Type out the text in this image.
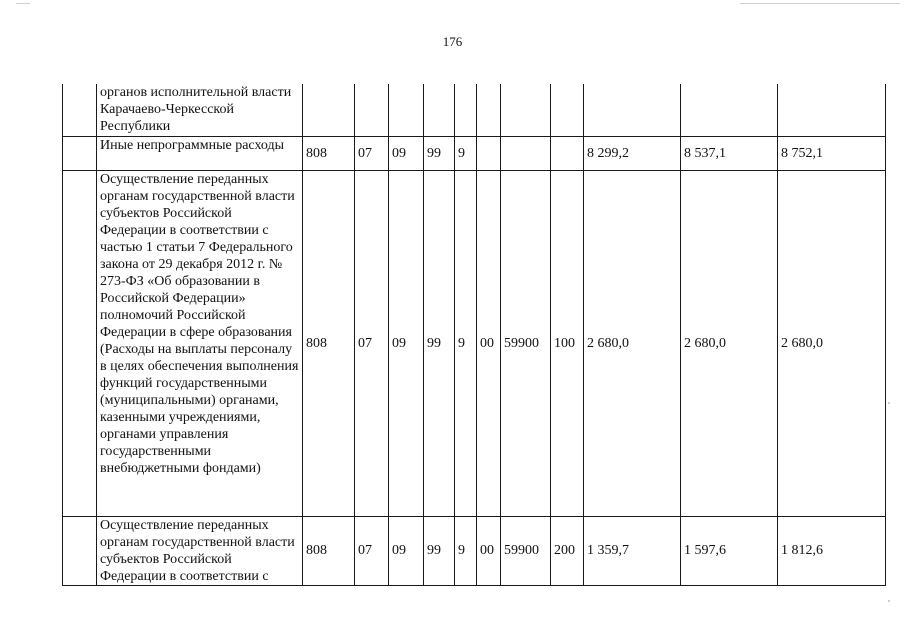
176
	органов исполнительной власти Карачаево-Черкесской Республики											
	Иные непрограммные расходы	808	07	09	99	9				8 299,2	8 537,1	8 752,1
	Осуществление переданных органам государственной власти субъектов Российской Федерации в соответствии с частью 1 статьи 7 Федерального закона от 29 декабря 2012 г. № 273-ФЗ «Об образовании в Российской Федерации» полномочий Российской Федерации в сфере образования (Расходы на выплаты персоналу в целях обеспечения выполнения функций государственными (муниципальными) органами, казенными учреждениями, органами управления государственными внебюджетными фондами)	808	07	09	99	9	00	59900	100	2 680,0	2 680,0	2 680,0
	Осуществление переданных органам государственной власти субъектов Российской Федерации в соответствии с	808	07	09	99	9	00	59900	200	1 359,7	1 597,6	1 812,6
